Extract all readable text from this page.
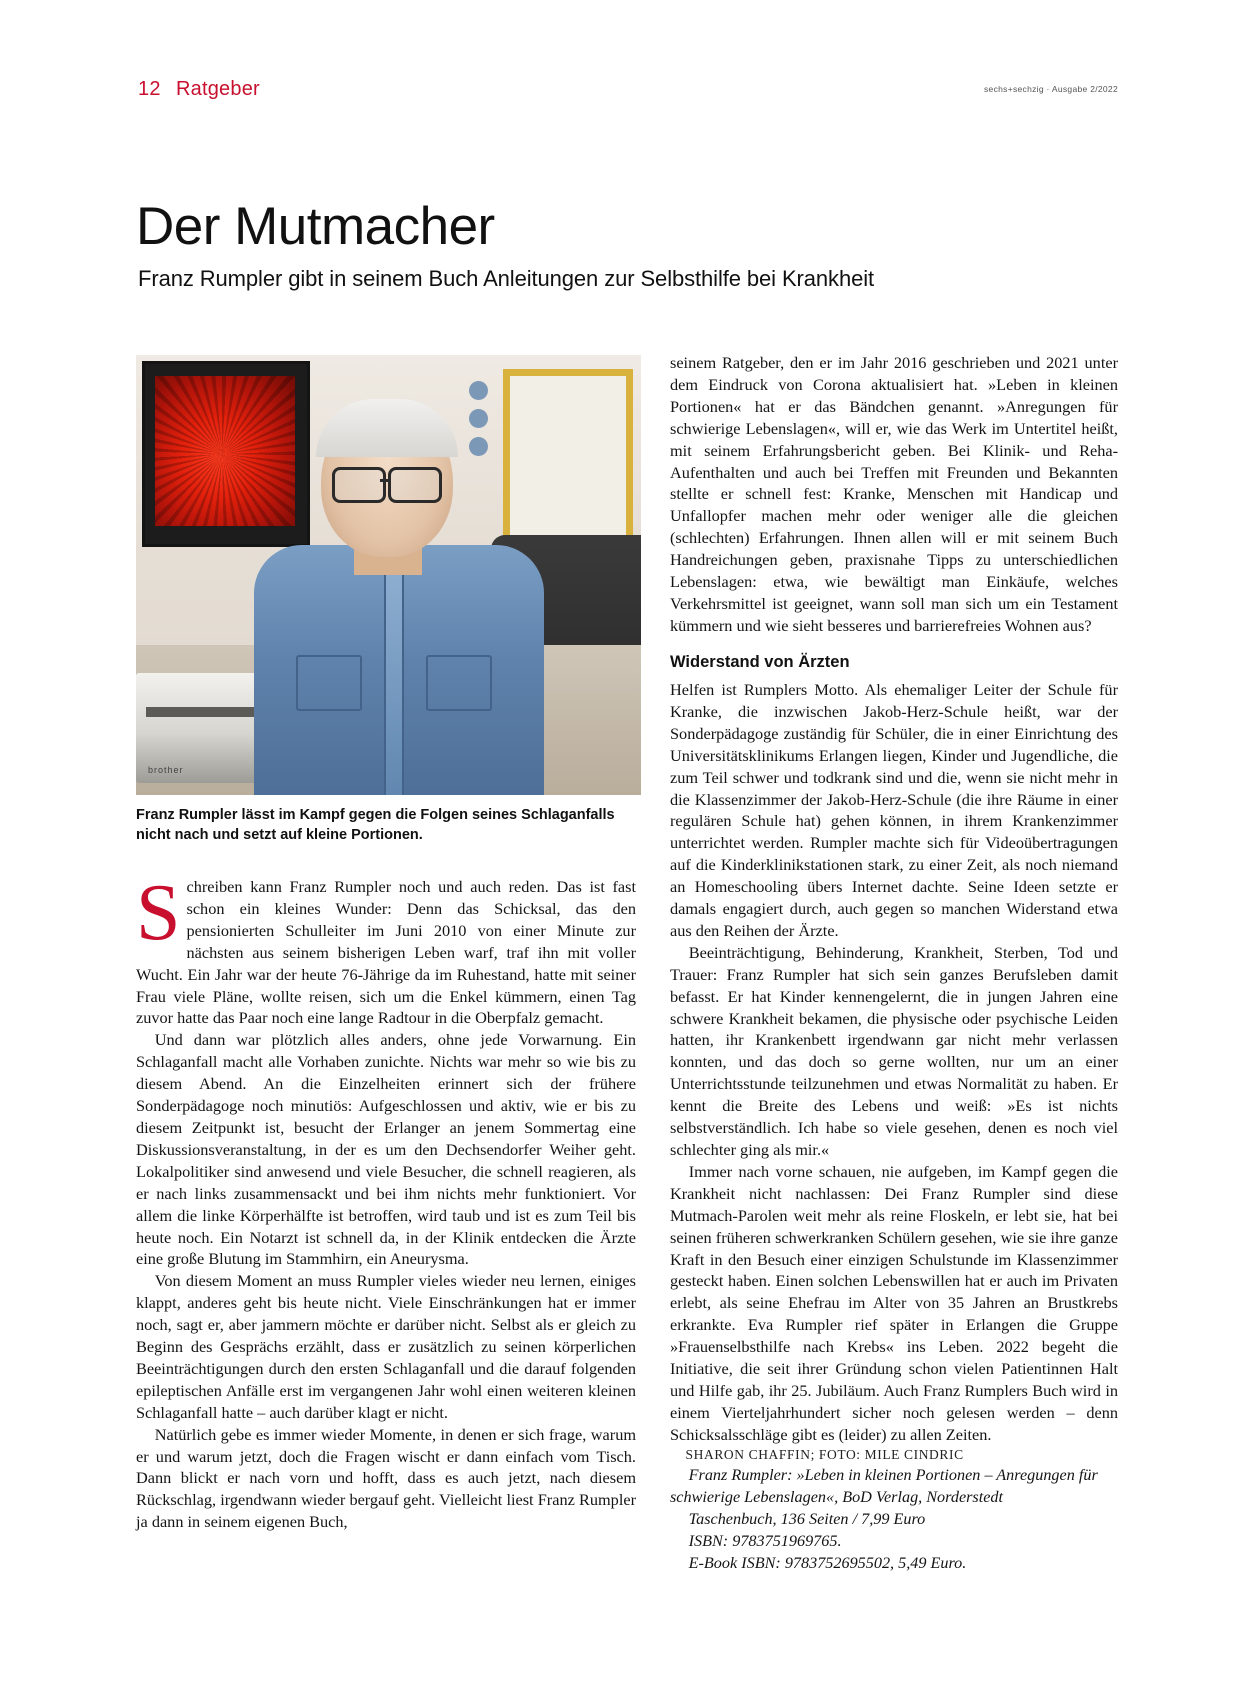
12 Ratgeber	sechs+sechzig · Ausgabe 2/2022
Der Mutmacher
Franz Rumpler gibt in seinem Buch Anleitungen zur Selbsthilfe bei Krankheit
brother
Franz Rumpler lässt im Kampf gegen die Folgen seines Schlaganfalls nicht nach und setzt auf kleine Portionen.

Schreiben kann Franz Rumpler noch und auch reden. Das ist fast schon ein kleines Wunder: Denn das Schicksal, das den pensionierten Schulleiter im Juni 2010 von einer Minute zur nächsten aus seinem bisherigen Leben warf, traf ihn mit voller Wucht. Ein Jahr war der heute 76-Jährige da im Ruhestand, hatte mit seiner Frau viele Pläne, wollte reisen, sich um die Enkel kümmern, einen Tag zuvor hatte das Paar noch eine lange Radtour in die Oberpfalz gemacht.

Und dann war plötzlich alles anders, ohne jede Vorwarnung. Ein Schlaganfall macht alle Vorhaben zunichte. Nichts war mehr so wie bis zu diesem Abend. An die Einzelheiten erinnert sich der frühere Sonderpädagoge noch minutiös: Aufgeschlossen und aktiv, wie er bis zu diesem Zeitpunkt ist, besucht der Erlanger an jenem Sommertag eine Diskussionsveranstaltung, in der es um den Dechsendorfer Weiher geht. Lokalpolitiker sind anwesend und viele Besucher, die schnell reagieren, als er nach links zusammensackt und bei ihm nichts mehr funktioniert. Vor allem die linke Körperhälfte ist betroffen, wird taub und ist es zum Teil bis heute noch. Ein Notarzt ist schnell da, in der Klinik entdecken die Ärzte eine große Blutung im Stammhirn, ein Aneurysma.

Von diesem Moment an muss Rumpler vieles wieder neu lernen, einiges klappt, anderes geht bis heute nicht. Viele Einschränkungen hat er immer noch, sagt er, aber jammern möchte er darüber nicht. Selbst als er gleich zu Beginn des Gesprächs erzählt, dass er zusätzlich zu seinen körperlichen Beeinträchtigungen durch den ersten Schlaganfall und die darauf folgenden epileptischen Anfälle erst im vergangenen Jahr wohl einen weiteren kleinen Schlaganfall hatte – auch darüber klagt er nicht.

Natürlich gebe es immer wieder Momente, in denen er sich frage, warum er und warum jetzt, doch die Fragen wischt er dann einfach vom Tisch. Dann blickt er nach vorn und hofft, dass es auch jetzt, nach diesem Rückschlag, irgendwann wieder bergauf geht. Vielleicht liest Franz Rumpler ja dann in seinem eigenen Buch,

seinem Ratgeber, den er im Jahr 2016 geschrieben und 2021 unter dem Eindruck von Corona aktualisiert hat. »Leben in kleinen Portionen« hat er das Bändchen genannt. »Anregungen für schwierige Lebenslagen«, will er, wie das Werk im Untertitel heißt, mit seinem Erfahrungsbericht geben. Bei Klinik- und Reha-Aufenthalten und auch bei Treffen mit Freunden und Bekannten stellte er schnell fest: Kranke, Menschen mit Handicap und Unfallopfer machen mehr oder weniger alle die gleichen (schlechten) Erfahrungen. Ihnen allen will er mit seinem Buch Handreichungen geben, praxisnahe Tipps zu unterschiedlichen Lebenslagen: etwa, wie bewältigt man Einkäufe, welches Verkehrsmittel ist geeignet, wann soll man sich um ein Testament kümmern und wie sieht besseres und barrierefreies Wohnen aus?

Widerstand von Ärzten

Helfen ist Rumplers Motto. Als ehemaliger Leiter der Schule für Kranke, die inzwischen Jakob-Herz-Schule heißt, war der Sonderpädagoge zuständig für Schüler, die in einer Einrichtung des Universitätsklinikums Erlangen liegen, Kinder und Jugendliche, die zum Teil schwer und todkrank sind und die, wenn sie nicht mehr in die Klassenzimmer der Jakob-Herz-Schule (die ihre Räume in einer regulären Schule hat) gehen können, in ihrem Krankenzimmer unterrichtet werden. Rumpler machte sich für Videoübertragungen auf die Kinderklinikstationen stark, zu einer Zeit, als noch niemand an Homeschooling übers Internet dachte. Seine Ideen setzte er damals engagiert durch, auch gegen so manchen Widerstand etwa aus den Reihen der Ärzte.

Beeinträchtigung, Behinderung, Krankheit, Sterben, Tod und Trauer: Franz Rumpler hat sich sein ganzes Berufsleben damit befasst. Er hat Kinder kennengelernt, die in jungen Jahren eine schwere Krankheit bekamen, die physische oder psychische Leiden hatten, ihr Krankenbett irgendwann gar nicht mehr verlassen konnten, und das doch so gerne wollten, nur um an einer Unterrichtsstunde teilzunehmen und etwas Normalität zu haben. Er kennt die Breite des Lebens und weiß: »Es ist nichts selbstverständlich. Ich habe so viele gesehen, denen es noch viel schlechter ging als mir.«

Immer nach vorne schauen, nie aufgeben, im Kampf gegen die Krankheit nicht nachlassen: Dei Franz Rumpler sind diese Mutmach-Parolen weit mehr als reine Floskeln, er lebt sie, hat bei seinen früheren schwerkranken Schülern gesehen, wie sie ihre ganze Kraft in den Besuch einer einzigen Schulstunde im Klassenzimmer gesteckt haben. Einen solchen Lebenswillen hat er auch im Privaten erlebt, als seine Ehefrau im Alter von 35 Jahren an Brustkrebs erkrankte. Eva Rumpler rief später in Erlangen die Gruppe »Frauenselbsthilfe nach Krebs« ins Leben. 2022 begeht die Initiative, die seit ihrer Gründung schon vielen Patientinnen Halt und Hilfe gab, ihr 25. Jubiläum. Auch Franz Rumplers Buch wird in einem Vierteljahrhundert sicher noch gelesen werden – denn Schicksalsschläge gibt es (leider) zu allen Zeiten.

SHARON CHAFFIN; FOTO: MILE CINDRIC

Franz Rumpler: »Leben in kleinen Portionen – Anregungen für schwierige Lebenslagen«, BoD Verlag, Norderstedt

Taschenbuch, 136 Seiten / 7,99 Euro

ISBN: 9783751969765.

E-Book ISBN: 9783752695502, 5,49 Euro.
